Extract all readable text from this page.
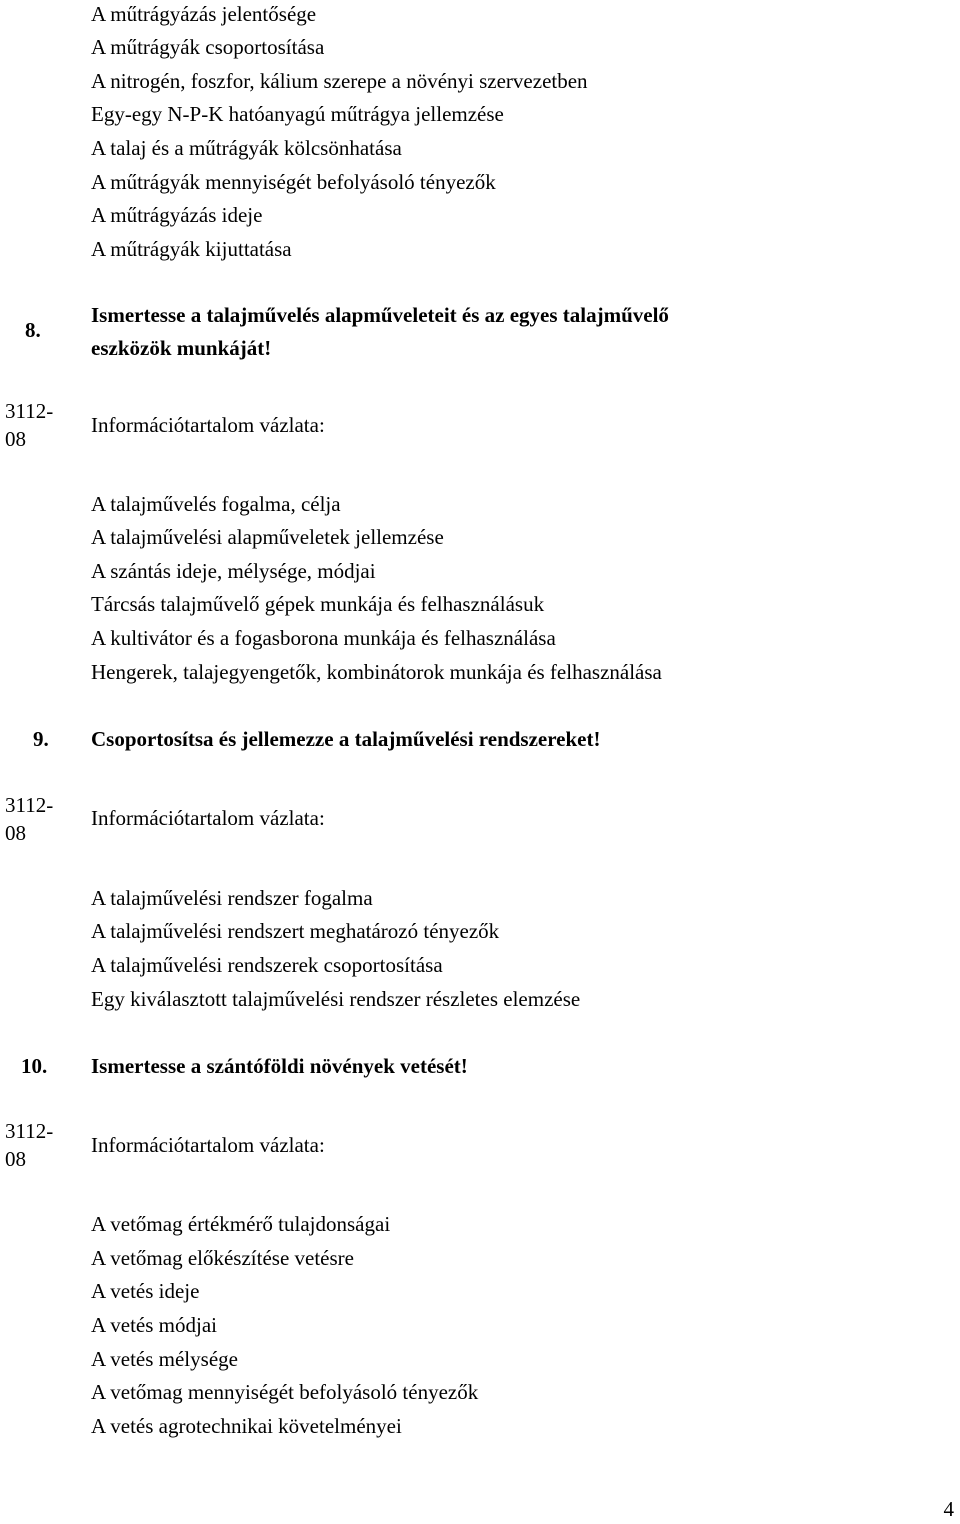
A műtrágyázás jelentősége
A műtrágyák csoportosítása
A nitrogén, foszfor, kálium szerepe a növényi szervezetben
Egy-egy N-P-K hatóanyagú műtrágya jellemzése
A talaj és a műtrágyák kölcsönhatása
A műtrágyák mennyiségét befolyásoló tényezők
A műtrágyázás ideje
A műtrágyák kijuttatása
8.
Ismertesse a talajművelés alapműveleteit és az egyes talajművelő
eszközök munkáját!
3112-
08
Információtartalom vázlata:
A talajművelés fogalma, célja
A talajművelési alapműveletek jellemzése
A szántás ideje, mélysége, módjai
Tárcsás talajművelő gépek munkája és felhasználásuk
A kultivátor és a fogasborona munkája és felhasználása
Hengerek, talajegyengetők, kombinátorok munkája és felhasználása
9. Csoportosítsa és jellemezze a talajművelési rendszereket!
3112-
08
Információtartalom vázlata:
A talajművelési rendszer fogalma
A talajművelési rendszert meghatározó tényezők
A talajművelési rendszerek csoportosítása
Egy kiválasztott talajművelési rendszer részletes elemzése
10. Ismertesse a szántóföldi növények vetését!
3112-
08
Információtartalom vázlata:
A vetőmag értékmérő tulajdonságai
A vetőmag előkészítése vetésre
A vetés ideje
A vetés módjai
A vetés mélysége
A vetőmag mennyiségét befolyásoló tényezők
A vetés agrotechnikai követelményei
4
